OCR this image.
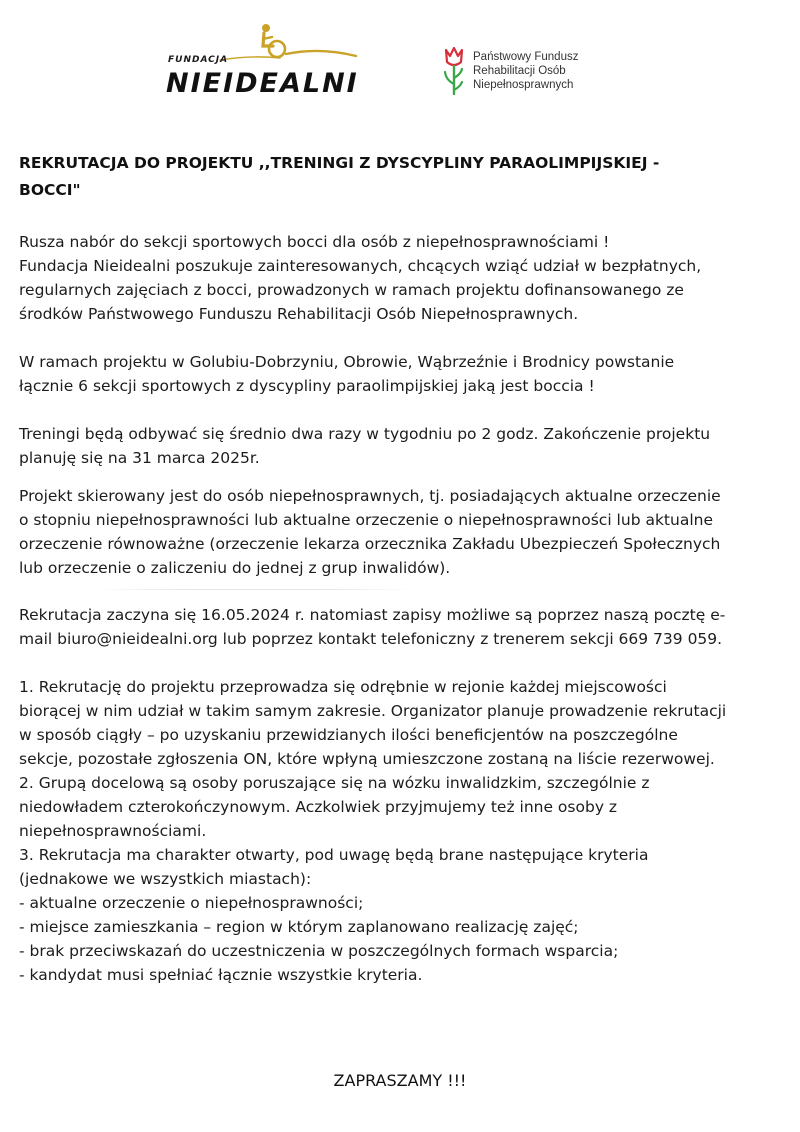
FUNDACJA
NIEIDEALNI
Państwowy Fundusz
Rehabilitacji Osób
Niepełnosprawnych
REKRUTACJA DO PROJEKTU ,,TRENINGI Z DYSCYPLINY PARAOLIMPIJSKIEJ -
BOCCI"

Rusza nabór do sekcji sportowych bocci dla osób z niepełnosprawnościami !

Fundacja Nieidealni poszukuje zainteresowanych, chcących wziąć udział w bezpłatnych,

regularnych zajęciach z bocci, prowadzonych w ramach projektu dofinansowanego ze

środków Państwowego Funduszu Rehabilitacji Osób Niepełnosprawnych.

W ramach projektu w Golubiu-Dobrzyniu, Obrowie, Wąbrzeźnie i Brodnicy powstanie

łącznie 6 sekcji sportowych z dyscypliny paraolimpijskiej jaką jest boccia !

Treningi będą odbywać się średnio dwa razy w tygodniu po 2 godz. Zakończenie projektu

planuję się na 31 marca 2025r.

Projekt skierowany jest do osób niepełnosprawnych, tj. posiadających aktualne orzeczenie

o stopniu niepełnosprawności lub aktualne orzeczenie o niepełnosprawności lub aktualne

orzeczenie równoważne (orzeczenie lekarza orzecznika Zakładu Ubezpieczeń Społecznych

lub orzeczenie o zaliczeniu do jednej z grup inwalidów).

Rekrutacja zaczyna się 16.05.2024 r. natomiast zapisy możliwe są poprzez naszą pocztę e-

mail biuro@nieidealni.org lub poprzez kontakt telefoniczny z trenerem sekcji 669 739 059.

1. Rekrutację do projektu przeprowadza się odrębnie w rejonie każdej miejscowości

biorącej w nim udział w takim samym zakresie. Organizator planuje prowadzenie rekrutacji

w sposób ciągły – po uzyskaniu przewidzianych ilości beneficjentów na poszczególne

sekcje, pozostałe zgłoszenia ON, które wpłyną umieszczone zostaną na liście rezerwowej.

2. Grupą docelową są osoby poruszające się na wózku inwalidzkim, szczególnie z

niedowładem czterokończynowym. Aczkolwiek przyjmujemy też inne osoby z

niepełnosprawnościami.

3. Rekrutacja ma charakter otwarty, pod uwagę będą brane następujące kryteria

(jednakowe we wszystkich miastach):

- aktualne orzeczenie o niepełnosprawności;

- miejsce zamieszkania – region w którym zaplanowano realizację zajęć;

- brak przeciwskazań do uczestniczenia w poszczególnych formach wsparcia;

- kandydat musi spełniać łącznie wszystkie kryteria.

ZAPRASZAMY !!!
